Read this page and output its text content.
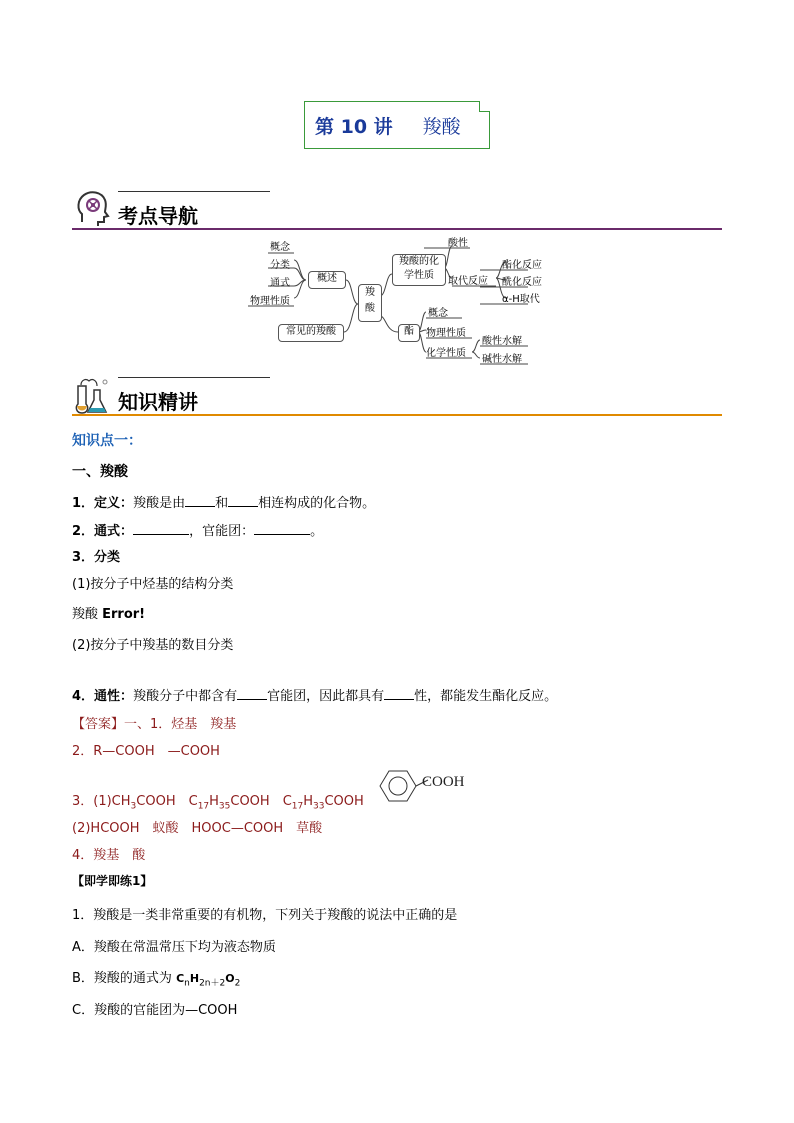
第 10 讲 羧酸
考点导航
概念
分类
通式
物理性质
概述
常见的羧酸
羧
酸
羧酸的化
学性质
酯
酸性
取代反应
酯化反应
酰化反应
α-H取代
概念
物理性质
化学性质
酸性水解
碱性水解
知识精讲
知识点一：
一、羧酸
1．定义：羧酸是由 和 相连构成的化合物。
2．通式：	，官能团：	。
3．分类
(1)按分子中烃基的结构分类
羧酸 Error!
(2)按分子中羧基的数目分类
4．通性：羧酸分子中都含有 官能团，因此都具有 性，都能发生酯化反应。
【答案】一、1．烃基　羧基
2．R—COOH　—COOH
3．$(1)CH_3COOH$　$C_{17}H_{35}COOH$　$C_{17}H_{33}COOH$
COOH
(2)HCOOH　蚁酸　HOOC—COOH　草酸
4．羧基　酸
【即学即练1】
1．羧酸是一类非常重要的有机物，下列关于羧酸的说法中正确的是
A．羧酸在常温常压下均为液态物质
B．羧酸的通式为 $C_nH_{2n+2}O_2$
C．羧酸的官能团为—COOH
